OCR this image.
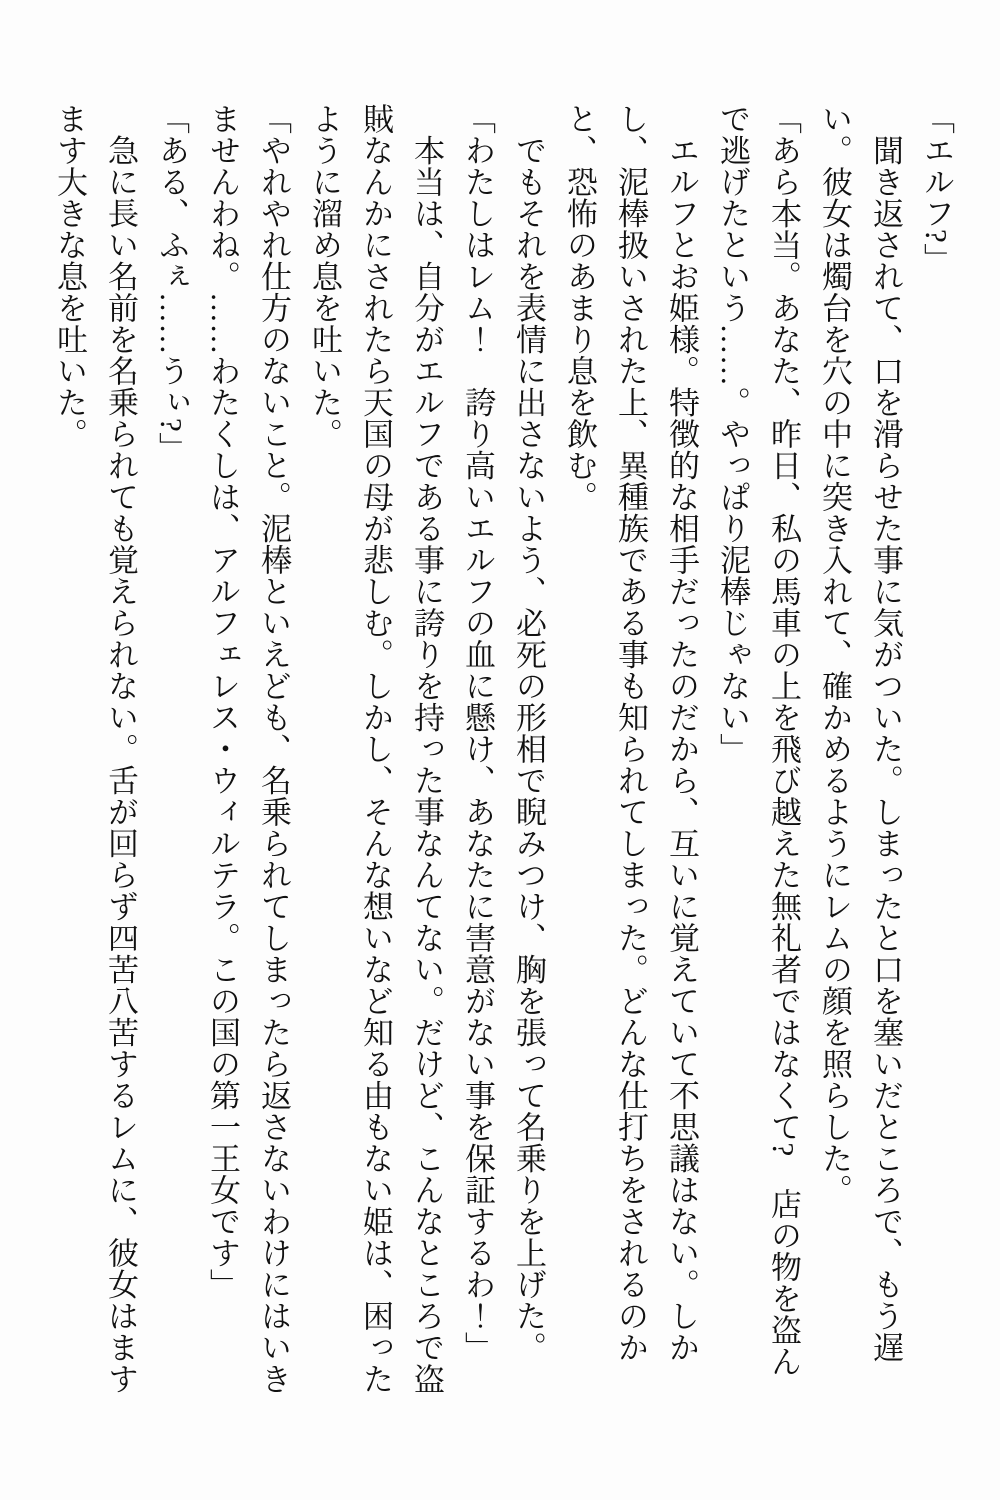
「エルフ?」

　聞き返されて、口を滑らせた事に気がついた。しまったと口を塞いだところで、もう遅い。彼女は燭台を穴の中に突き入れて、確かめるようにレムの顔を照らした。

「あら本当。あなた、昨日、私の馬車の上を飛び越えた無礼者ではなくて?　店の物を盗んで逃げたという……。やっぱり泥棒じゃない」

　エルフとお姫様。特徴的な相手だったのだから、互いに覚えていて不思議はない。しかし、泥棒扱いされた上、異種族である事も知られてしまった。どんな仕打ちをされるのかと、恐怖のあまり息を飲む。

　でもそれを表情に出さないよう、必死の形相で睨みつけ、胸を張って名乗りを上げた。

「わたしはレム！　誇り高いエルフの血に懸け、あなたに害意がない事を保証するわ！」

　本当は、自分がエルフである事に誇りを持った事なんてない。だけど、こんなところで盗賊なんかにされたら天国の母が悲しむ。しかし、そんな想いなど知る由もない姫は、困ったように溜め息を吐いた。

「やれやれ仕方のないこと。泥棒といえども、名乗られてしまったら返さないわけにはいきませんわね。……わたくしは、アルフェレス・ウィルテラ。この国の第一王女です」

「ある、ふぇ……うぃ?」

　急に長い名前を名乗られても覚えられない。舌が回らず四苦八苦するレムに、彼女はますます大きな息を吐いた。
